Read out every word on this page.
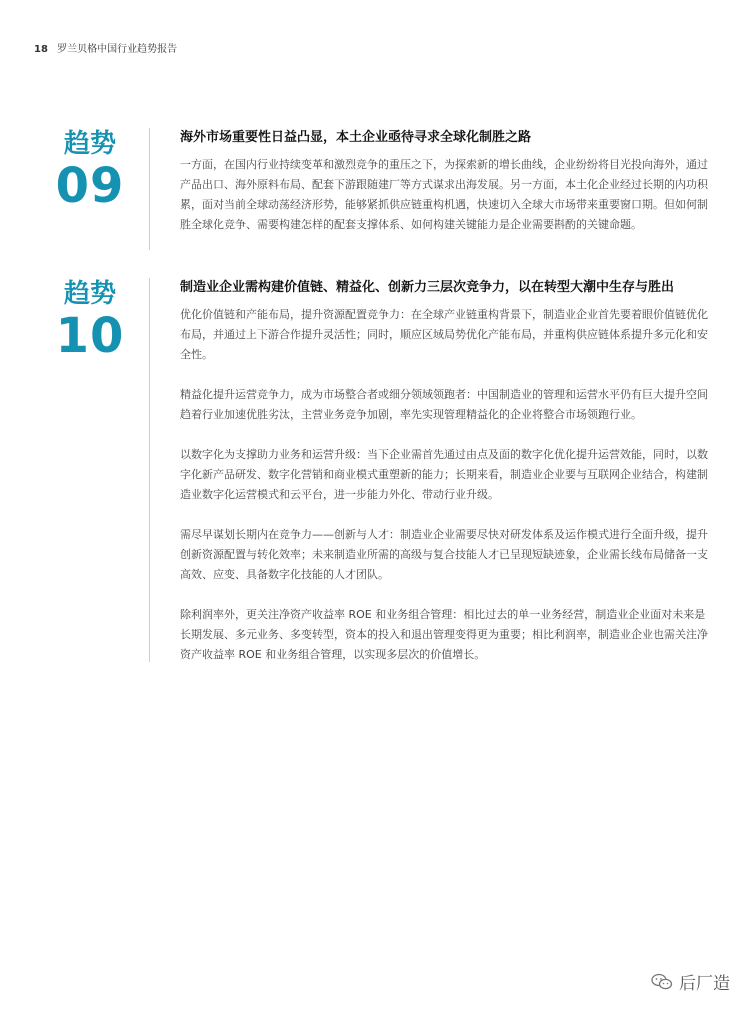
18 罗兰贝格中国行业趋势报告
趋势
09
海外市场重要性日益凸显，本土企业亟待寻求全球化制胜之路

一方面，在国内行业持续变革和激烈竞争的重压之下，为探索新的增长曲线，企业纷纷将目光投向海外，通过产品出口、海外原料布局、配套下游跟随建厂等方式谋求出海发展。另一方面，本土化企业经过长期的内功积累，面对当前全球动荡经济形势，能够紧抓供应链重构机遇，快速切入全球大市场带来重要窗口期。但如何制胜全球化竞争、需要构建怎样的配套支撑体系、如何构建关键能力是企业需要斟酌的关键命题。

趋势
10
制造业企业需构建价值链、精益化、创新力三层次竞争力，以在转型大潮中生存与胜出

优化价值链和产能布局，提升资源配置竞争力：在全球产业链重构背景下，制造业企业首先要着眼价值链优化布局，并通过上下游合作提升灵活性；同时，顺应区域局势优化产能布局，并重构供应链体系提升多元化和安全性。

精益化提升运营竞争力，成为市场整合者或细分领域领跑者：中国制造业的管理和运营水平仍有巨大提升空间趋着行业加速优胜劣汰，主营业务竞争加剧，率先实现管理精益化的企业将整合市场领跑行业。

以数字化为支撑助力业务和运营升级：当下企业需首先通过由点及面的数字化优化提升运营效能，同时，以数字化新产品研发、数字化营销和商业模式重塑新的能力；长期来看，制造业企业要与互联网企业结合，构建制造业数字化运营模式和云平台，进一步能力外化、带动行业升级。

需尽早谋划长期内在竞争力——创新与人才：制造业企业需要尽快对研发体系及运作模式进行全面升级，提升创新资源配置与转化效率；未来制造业所需的高级与复合技能人才已呈现短缺迹象，企业需长线布局储备一支高效、应变、具备数字化技能的人才团队。

除利润率外，更关注净资产收益率 ROE 和业务组合管理：相比过去的单一业务经营，制造业企业面对未来是长期发展、多元业务、多变转型，资本的投入和退出管理变得更为重要；相比利润率，制造业企业也需关注净资产收益率 ROE 和业务组合管理，以实现多层次的价值增长。

后厂造
